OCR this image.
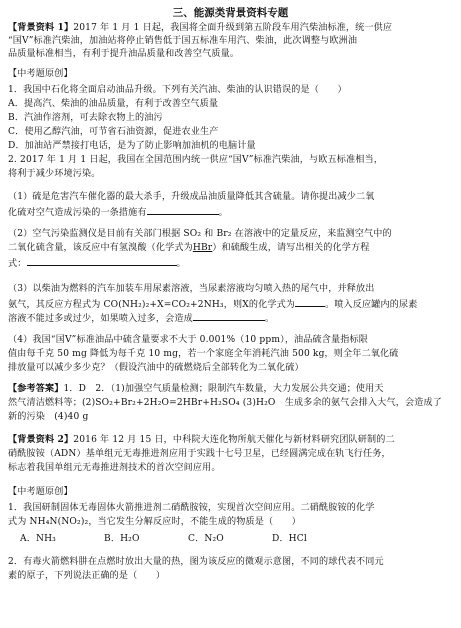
三、能源类背景资料专题
【背景资料 1】2017 年 1 月 1 日起，我国将全面升级到第五阶段车用汽柴油标准，统一供应
“国Ⅴ”标准汽柴油，加油站将停止销售低于国五标准车用汽、柴油，此次调整与欧洲油
品质量标准相当，有利于提升油品质量和改善空气质量。
【中考题原创】
1．我国中石化将全面启动油品升级。下列有关汽油、柴油的认识错误的是（　　）
A．提高汽、柴油的油品质量，有利于改善空气质量
B．汽油作溶剂，可去除衣物上的油污
C．使用乙醇汽油，可节省石油资源，促进农业生产
D．加油站严禁接打电话，是为了防止影响加油机的电脑计量
2. 2017 年 1 月 1 日起，我国在全国范围内统一供应“国Ⅴ”标准汽柴油，与欧五标准相当，
将利于减少环境污染。
（1）硫是危害汽车催化器的最大杀手，升级成品油质量降低其含硫量。请你提出减少二氧
化硫对空气造成污染的一条措施有	。
（2）空气污染监测仪是目前有关部门根据 SO₂ 和 Br₂ 在溶液中的定量反应，来监测空气中的
二氧化硫含量，该反应中有氢溴酸（化学式为HBr）和硫酸生成，请写出相关的化学方程
式：	。
（3）以柴油为燃料的汽车加装车用尿素溶液，当尿素溶液均匀喷入热的尾气中，并释放出
氨气，其反应方程式为 CO(NH₂)₂+X=CO₂+2NH₃，则Ⅹ的化学式为	。喷入反应罐内的尿素
溶液不能过多或过少，如果喷入过多，会造成	。
（4）我国“国Ⅴ”标准油品中硫含量要求不大于 0.001%（10 ppm），油品硫含量指标限
值由每千克 50 mg 降低为每千克 10 mg，若一个家庭全年消耗汽油 500 kg，则全年二氧化硫
排放量可以减少多少克？（假设汽油中的硫燃烧后全部转化为二氧化硫）
【参考答案】1．D　2．（1)加强空气质量检测；限制汽车数量，大力发展公共交通；使用天
然气清洁燃料等；(2)SO₂+Br₂+2H₂O=2HBr+H₂SO₄ (3)H₂O　生成多余的氨气会排入大气，会造成了
新的污染　(4)40 g
【背景资料 2】2016 年 12 月 15 日，中科院大连化物所航天催化与新材料研究团队研制的二
硝酰胺铵（ADN）基单组元无毒推进剂应用于实践十七号卫星，已经圆满完成在轨飞行任务，
标志着我国单组元无毒推进剂技术的首次空间应用。
【中考题原创】
1．我国研制固体无毒固体火箭推进剂二硝酰胺铵，实现首次空间应用。二硝酰胺铵的化学
式为 NH₄N(NO₂)₂，当它发生分解反应时，不能生成的物质是（　　）
A．NH₃	B．H₂O	C．N₂O	D．HCl
2．有毒火箭燃料肼在点燃时放出大量的热，图为该反应的微观示意图，不同的球代表不同元
素的原子，下列说法正确的是（　　）
